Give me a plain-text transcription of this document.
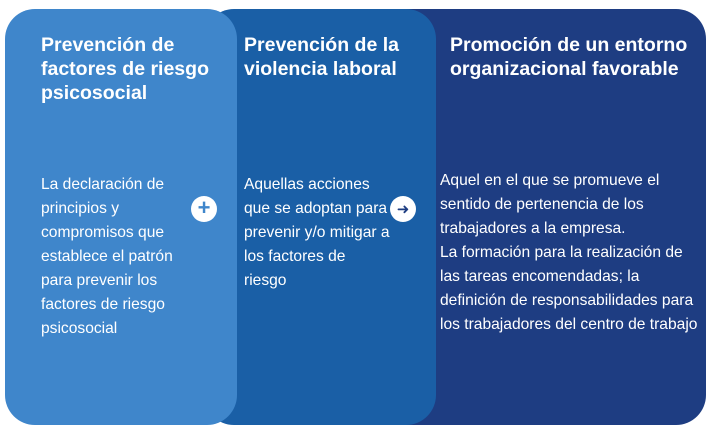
Prevención de factores de riesgo psicosocial

La declaración de principios y compromisos que establece el patrón para prevenir los factores de riesgo psicosocial

Prevención de la violencia laboral

Aquellas acciones que se adoptan para prevenir y/o mitigar a los factores de riesgo

Promoción de un entorno organizacional favorable

Aquel en el que se promueve el sentido de pertenencia de los trabajadores a la empresa.
La formación para la realización de las tareas encomendadas; la definición de responsabilidades para los trabajadores del centro de trabajo

+	➜
